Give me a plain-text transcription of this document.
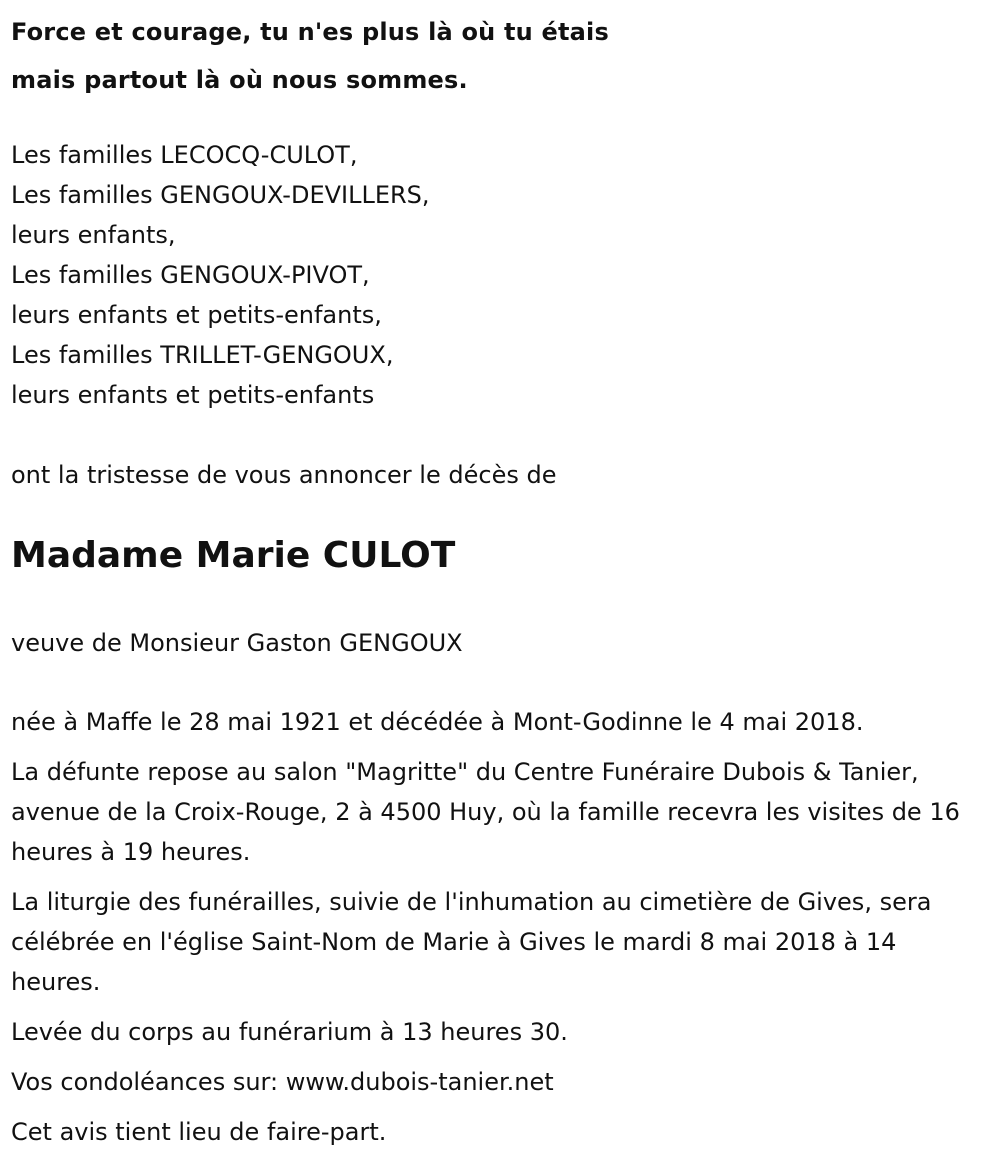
Force et courage, tu n'es plus là où tu étais
mais partout là où nous sommes.
Les familles LECOCQ-CULOT,
Les familles GENGOUX-DEVILLERS,
leurs enfants,
Les familles GENGOUX-PIVOT,
leurs enfants et petits-enfants,
Les familles TRILLET-GENGOUX,
leurs enfants et petits-enfants
ont la tristesse de vous annoncer le décès de
Madame Marie CULOT
veuve de Monsieur Gaston GENGOUX

née à Maffe le 28 mai 1921 et décédée à Mont-Godinne le 4 mai 2018.

La défunte repose au salon "Magritte" du Centre Funéraire Dubois & Tanier, avenue de la Croix-Rouge, 2 à 4500 Huy, où la famille recevra les visites de 16 heures à 19 heures.

La liturgie des funérailles, suivie de l'inhumation au cimetière de Gives, sera célébrée en l'église Saint-Nom de Marie à Gives le mardi 8 mai 2018 à 14 heures.

Levée du corps au funérarium à 13 heures 30.

Vos condoléances sur: www.dubois-tanier.net

Cet avis tient lieu de faire-part.
